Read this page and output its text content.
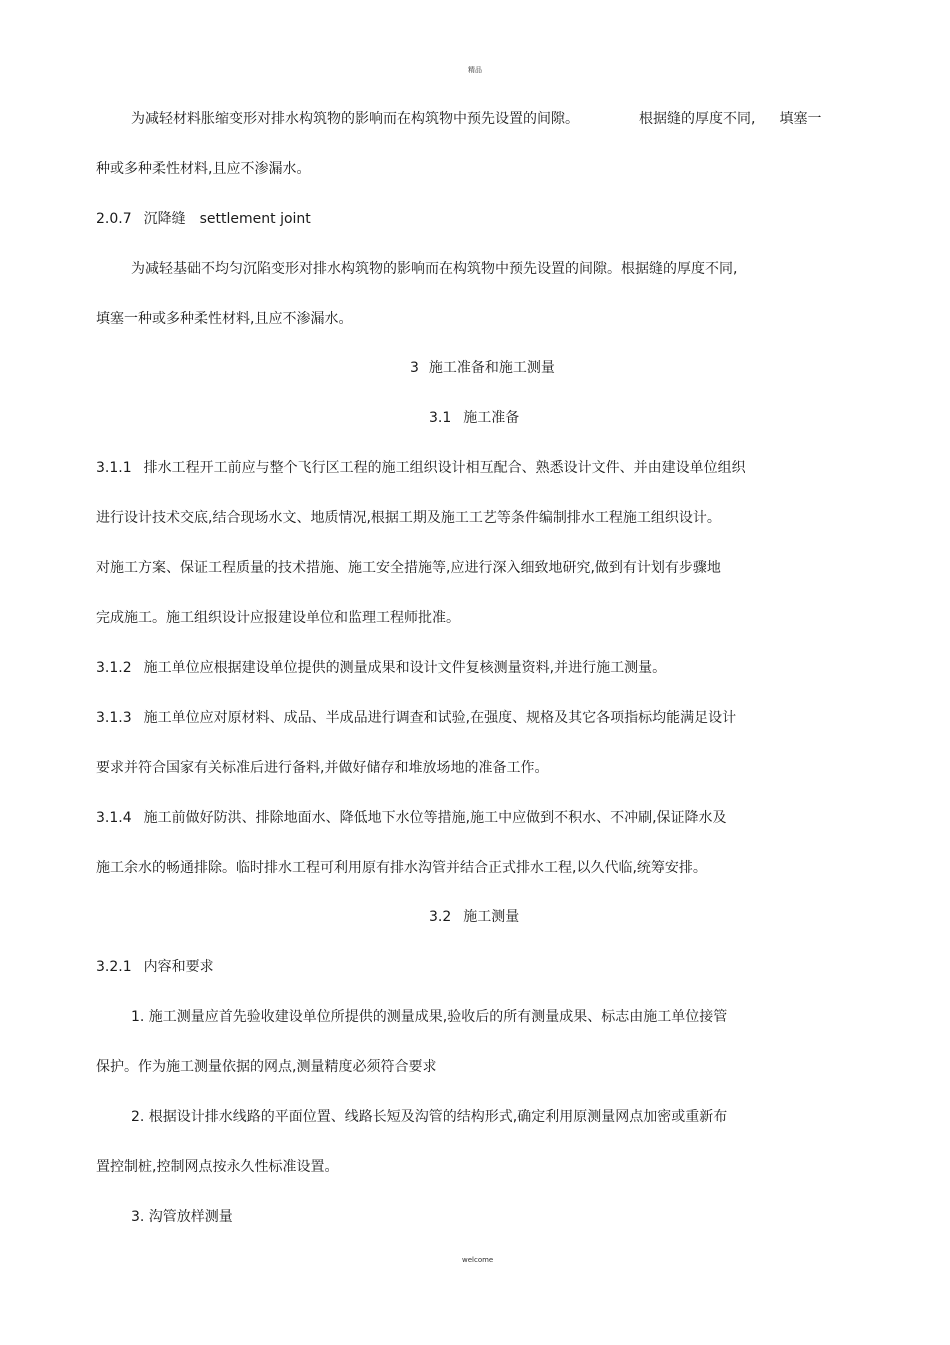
精品
为减轻材料胀缩变形对排水构筑物的影响而在构筑物中预先设置的间隙。	根据缝的厚度不同, 填塞一
种或多种柔性材料,且应不渗漏水。
2.0.7 沉降缝 settlement joint
为减轻基础不均匀沉陷变形对排水构筑物的影响而在构筑物中预先设置的间隙。根据缝的厚度不同,
填塞一种或多种柔性材料,且应不渗漏水。
3 施工准备和施工测量
3.1 施工准备
3.1.1 排水工程开工前应与整个飞行区工程的施工组织设计相互配合、熟悉设计文件、并由建设单位组织
进行设计技术交底,结合现场水文、地质情况,根据工期及施工工艺等条件编制排水工程施工组织设计。
对施工方案、保证工程质量的技术措施、施工安全措施等,应进行深入细致地研究,做到有计划有步骤地
完成施工。施工组织设计应报建设单位和监理工程师批准。
3.1.2 施工单位应根据建设单位提供的测量成果和设计文件复核测量资料,并进行施工测量。
3.1.3 施工单位应对原材料、成品、半成品进行调查和试验,在强度、规格及其它各项指标均能满足设计
要求并符合国家有关标准后进行备料,并做好储存和堆放场地的准备工作。
3.1.4 施工前做好防洪、排除地面水、降低地下水位等措施,施工中应做到不积水、不冲刷,保证降水及
施工余水的畅通排除。临时排水工程可利用原有排水沟管并结合正式排水工程,以久代临,统筹安排。
3.2 施工测量
3.2.1 内容和要求
1. 施工测量应首先验收建设单位所提供的测量成果,验收后的所有测量成果、标志由施工单位接管
保护。作为施工测量依据的网点,测量精度必须符合要求
2. 根据设计排水线路的平面位置、线路长短及沟管的结构形式,确定利用原测量网点加密或重新布
置控制桩,控制网点按永久性标准设置。
3. 沟管放样测量
welcome
